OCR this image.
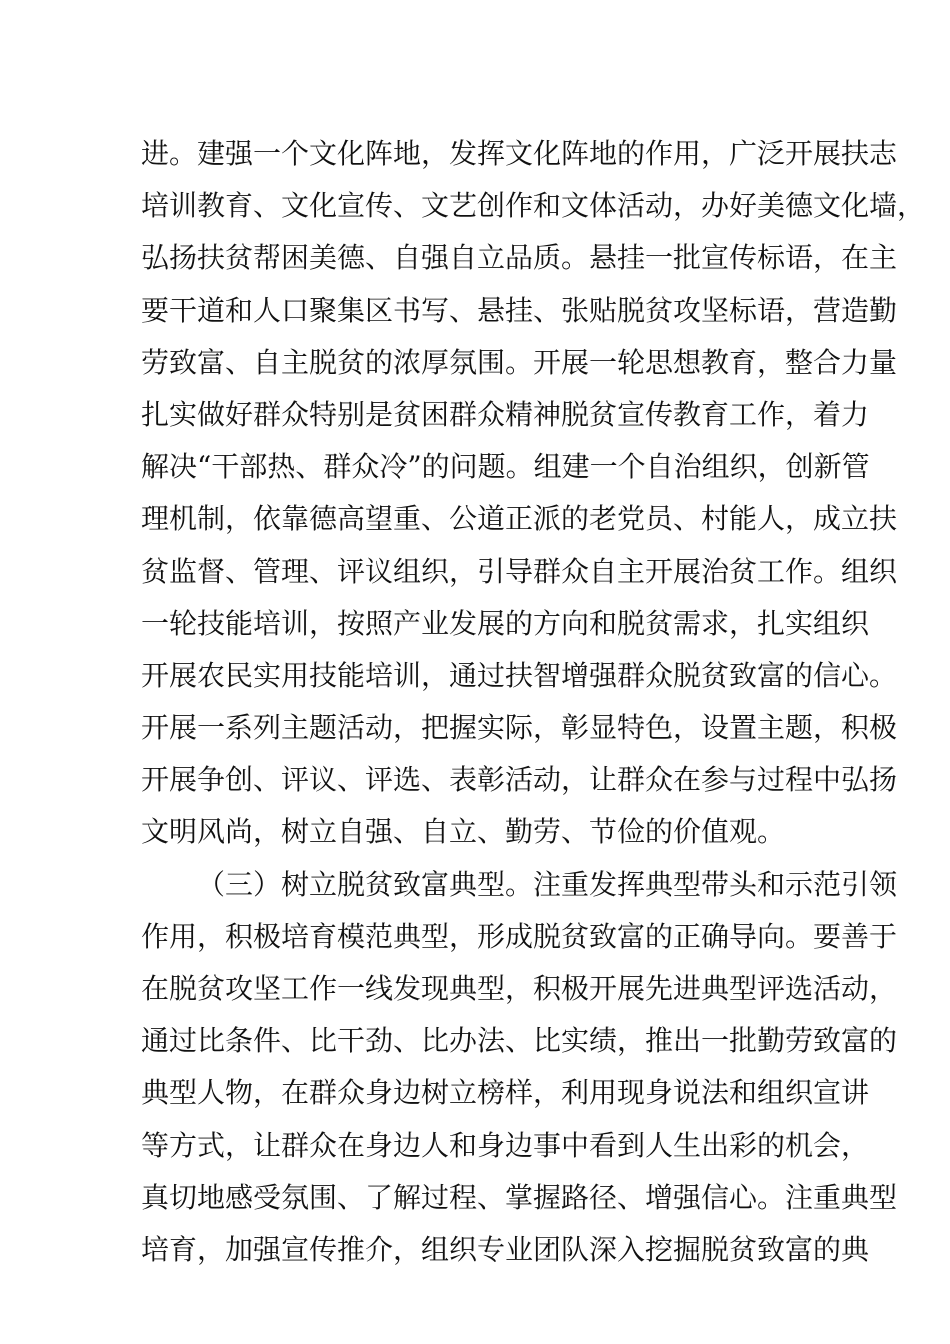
进。建强一个文化阵地，发挥文化阵地的作用，广泛开展扶志
培训教育、文化宣传、文艺创作和文体活动，办好美德文化墙，
弘扬扶贫帮困美德、自强自立品质。悬挂一批宣传标语，在主
要干道和人口聚集区书写、悬挂、张贴脱贫攻坚标语，营造勤
劳致富、自主脱贫的浓厚氛围。开展一轮思想教育，整合力量
扎实做好群众特别是贫困群众精神脱贫宣传教育工作，着力
解决“干部热、群众冷”的问题。组建一个自治组织，创新管
理机制，依靠德高望重、公道正派的老党员、村能人，成立扶
贫监督、管理、评议组织，引导群众自主开展治贫工作。组织
一轮技能培训，按照产业发展的方向和脱贫需求，扎实组织
开展农民实用技能培训，通过扶智增强群众脱贫致富的信心。
开展一系列主题活动，把握实际，彰显特色，设置主题，积极
开展争创、评议、评选、表彰活动，让群众在参与过程中弘扬
文明风尚，树立自强、自立、勤劳、节俭的价值观。
（三）树立脱贫致富典型。注重发挥典型带头和示范引领
作用，积极培育模范典型，形成脱贫致富的正确导向。要善于
在脱贫攻坚工作一线发现典型，积极开展先进典型评选活动，
通过比条件、比干劲、比办法、比实绩，推出一批勤劳致富的
典型人物，在群众身边树立榜样，利用现身说法和组织宣讲
等方式，让群众在身边人和身边事中看到人生出彩的机会，
真切地感受氛围、了解过程、掌握路径、增强信心。注重典型
培育，加强宣传推介，组织专业团队深入挖掘脱贫致富的典
